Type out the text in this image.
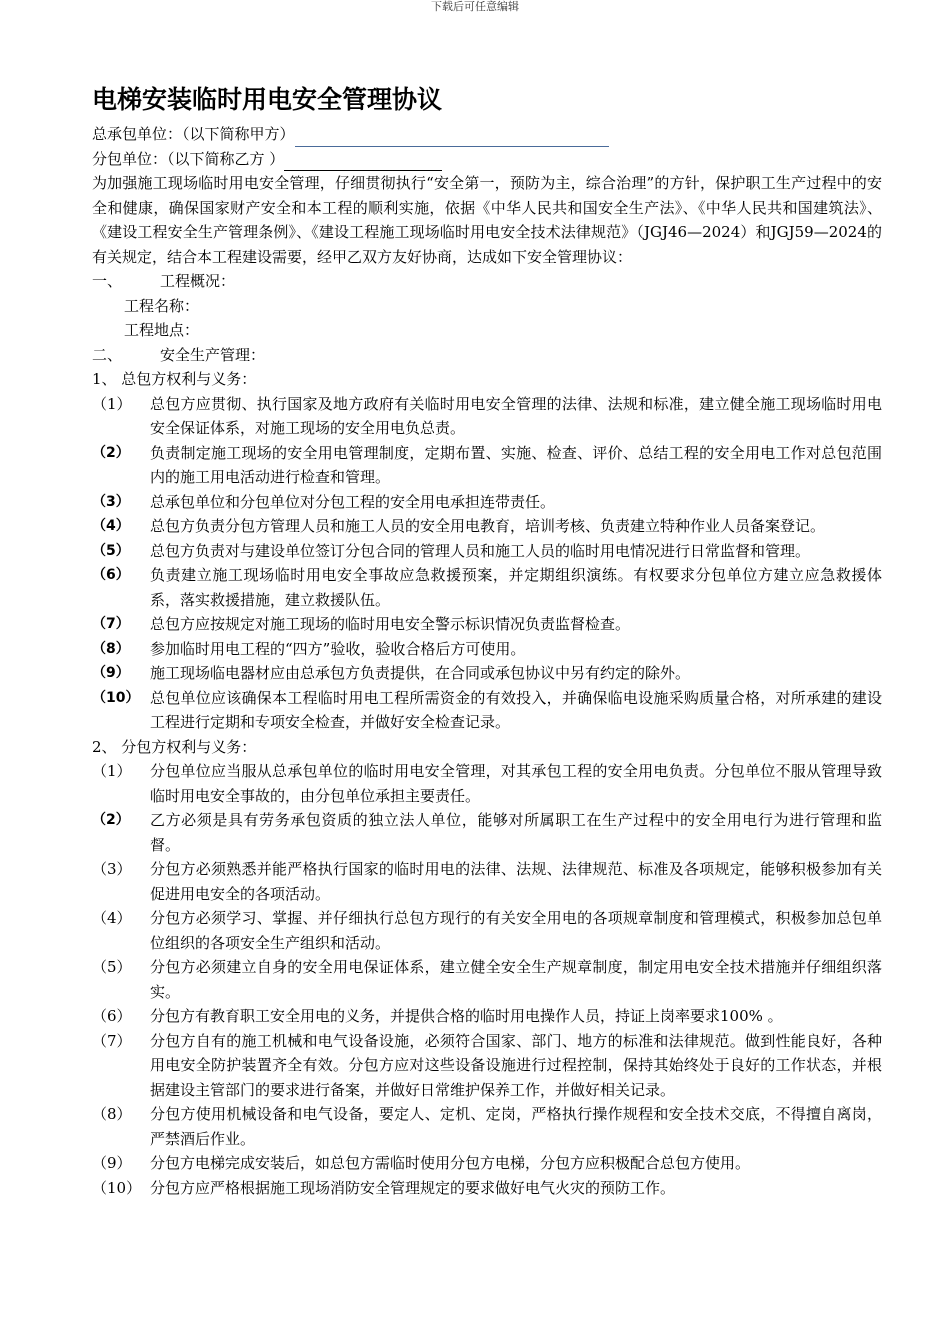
下载后可任意编辑
电梯安装临时用电安全管理协议
总承包单位：（以下简称甲方）
分包单位：（以下简称乙方 ）
为加强施工现场临时用电安全管理，仔细贯彻执行“安全第一，预防为主，综合治理”的方针，保护职工生产过程中的安全和健康，确保国家财产安全和本工程的顺利实施，依据《中华人民共和国安全生产法》、《中华人民共和国建筑法》、《建设工程安全生产管理条例》、《建设工程施工现场临时用电安全技术法律规范》（JGJ46—2024）和JGJ59—2024的有关规定，结合本工程建设需要，经甲乙双方友好协商，达成如下安全管理协议：
一、	工程概况：
工程名称：
工程地点：
二、	安全生产管理：
1、 总包方权利与义务：
（1）	总包方应贯彻、执行国家及地方政府有关临时用电安全管理的法律、法规和标准，建立健全施工现场临时用电安全保证体系，对施工现场的安全用电负总责。
（2）	负责制定施工现场的安全用电管理制度，定期布置、实施、检查、评价、总结工程的安全用电工作对总包范围内的施工用电活动进行检查和管理。
（3）	总承包单位和分包单位对分包工程的安全用电承担连带责任。
（4）	总包方负责分包方管理人员和施工人员的安全用电教育，培训考核、负责建立特种作业人员备案登记。
（5）	总包方负责对与建设单位签订分包合同的管理人员和施工人员的临时用电情况进行日常监督和管理。
（6）	负责建立施工现场临时用电安全事故应急救援预案，并定期组织演练。有权要求分包单位方建立应急救援体系，落实救援措施，建立救援队伍。
（7）	总包方应按规定对施工现场的临时用电安全警示标识情况负责监督检查。
（8）	参加临时用电工程的“四方”验收，验收合格后方可使用。
（9）	施工现场临电器材应由总承包方负责提供，在合同或承包协议中另有约定的除外。
（10） 总包单位应该确保本工程临时用电工程所需资金的有效投入，并确保临电设施采购质量合格，对所承建的建设工程进行定期和专项安全检查，并做好安全检查记录。
2、 分包方权利与义务：
（1）	分包单位应当服从总承包单位的临时用电安全管理，对其承包工程的安全用电负责。分包单位不服从管理导致临时用电安全事故的，由分包单位承担主要责任。
（2）	乙方必须是具有劳务承包资质的独立法人单位，能够对所属职工在生产过程中的安全用电行为进行管理和监督。
（3）	分包方必须熟悉并能严格执行国家的临时用电的法律、法规、法律规范、标准及各项规定，能够积极参加有关促进用电安全的各项活动。
（4）	分包方必须学习、掌握、并仔细执行总包方现行的有关安全用电的各项规章制度和管理模式，积极参加总包单位组织的各项安全生产组织和活动。
（5）	分包方必须建立自身的安全用电保证体系，建立健全安全生产规章制度，制定用电安全技术措施并仔细组织落实。
（6）	分包方有教育职工安全用电的义务，并提供合格的临时用电操作人员，持证上岗率要求100% 。
（7）	分包方自有的施工机械和电气设备设施，必须符合国家、部门、地方的标准和法律规范。做到性能良好，各种用电安全防护装置齐全有效。分包方应对这些设备设施进行过程控制，保持其始终处于良好的工作状态，并根据建设主管部门的要求进行备案，并做好日常维护保养工作，并做好相关记录。
（8）	分包方使用机械设备和电气设备，要定人、定机、定岗，严格执行操作规程和安全技术交底，不得擅自离岗，严禁酒后作业。
（9）	分包方电梯完成安装后，如总包方需临时使用分包方电梯，分包方应积极配合总包方使用。
（10） 分包方应严格根据施工现场消防安全管理规定的要求做好电气火灾的预防工作。
